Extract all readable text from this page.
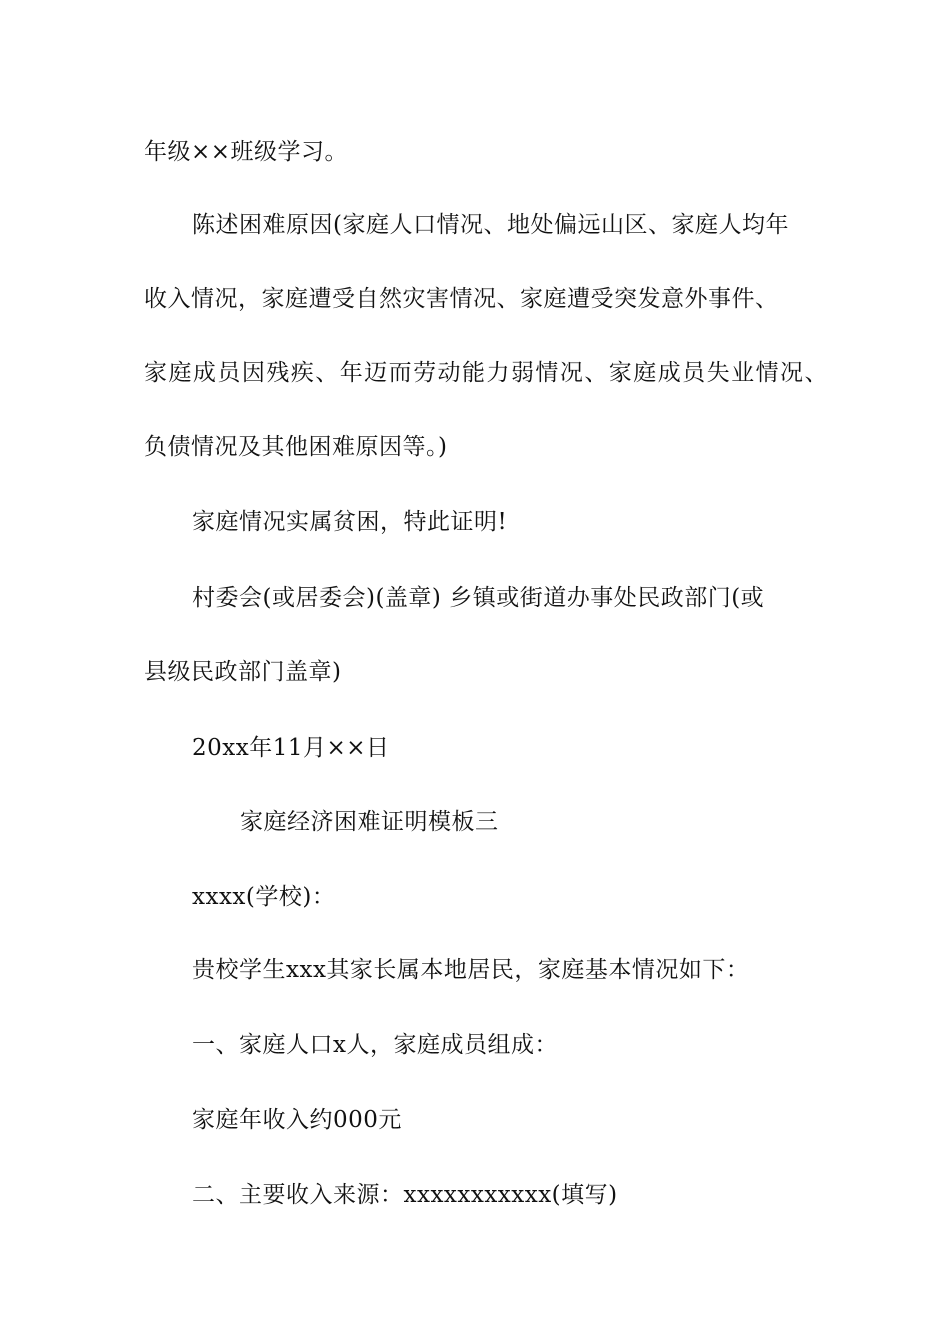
年级××班级学习。
陈述困难原因(家庭人口情况、地处偏远山区、家庭人均年
收入情况，家庭遭受自然灾害情况、家庭遭受突发意外事件、
家庭成员因残疾、年迈而劳动能力弱情况、家庭成员失业情况、
负债情况及其他困难原因等。)
家庭情况实属贫困，特此证明!
村委会(或居委会)(盖章) 乡镇或街道办事处民政部门(或
县级民政部门盖章)
20xx年11月××日
家庭经济困难证明模板三
xxxx(学校)：
贵校学生xxx其家长属本地居民，家庭基本情况如下：
一、家庭人口x人，家庭成员组成：
家庭年收入约000元
二、主要收入来源：xxxxxxxxxxx(填写)
